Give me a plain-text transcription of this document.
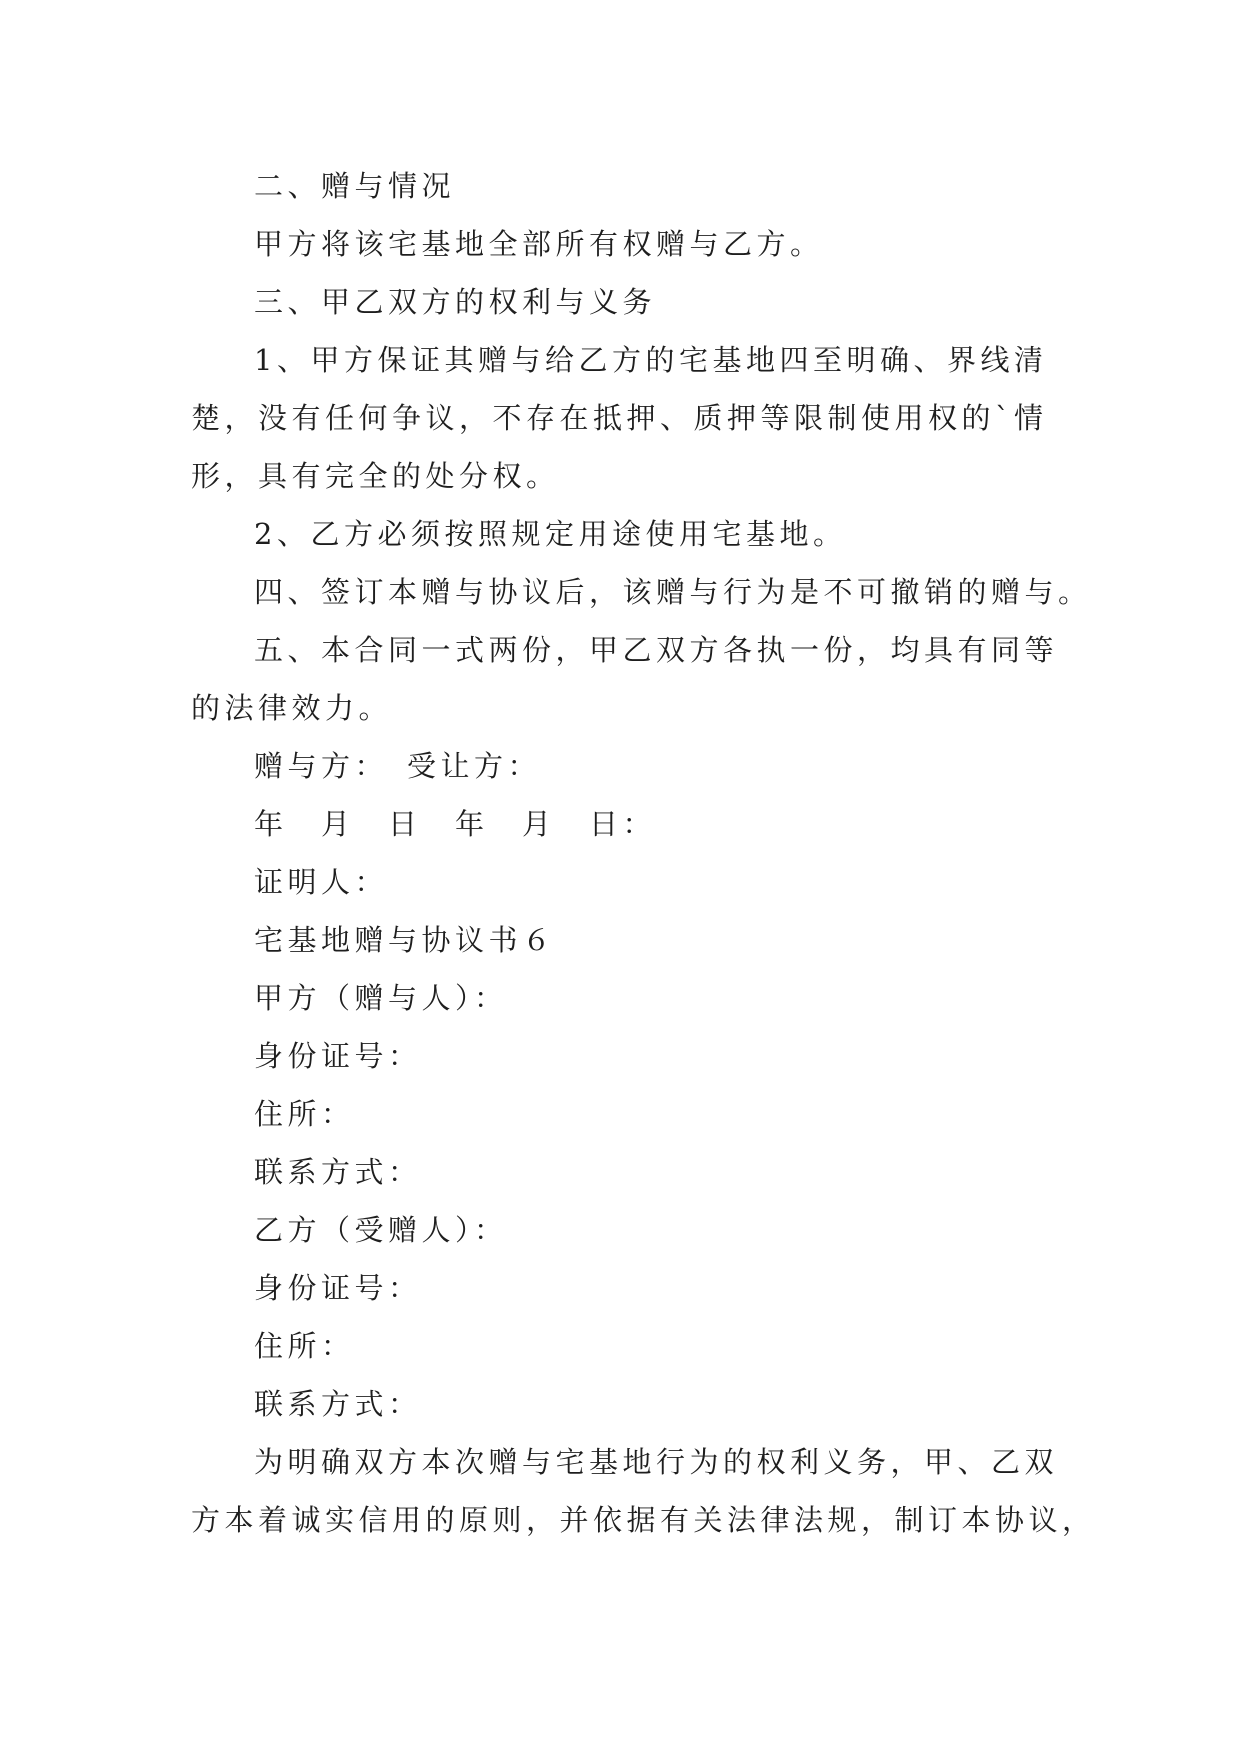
二、赠与情况
甲方将该宅基地全部所有权赠与乙方。
三、甲乙双方的权利与义务
1、甲方保证其赠与给乙方的宅基地四至明确、界线清
楚，没有任何争议，不存在抵押、质押等限制使用权的`情
形，具有完全的处分权。
2、乙方必须按照规定用途使用宅基地。
四、签订本赠与协议后，该赠与行为是不可撤销的赠与。
五、本合同一式两份，甲乙双方各执一份，均具有同等
的法律效力。
赠与方：　受让方：
年　月　日　年　月　日：
证明人：
宅基地赠与协议书６
甲方（赠与人）：
身份证号：
住所：
联系方式：
乙方（受赠人）：
身份证号：
住所：
联系方式：
为明确双方本次赠与宅基地行为的权利义务，甲、乙双
方本着诚实信用的原则，并依据有关法律法规，制订本协议，
